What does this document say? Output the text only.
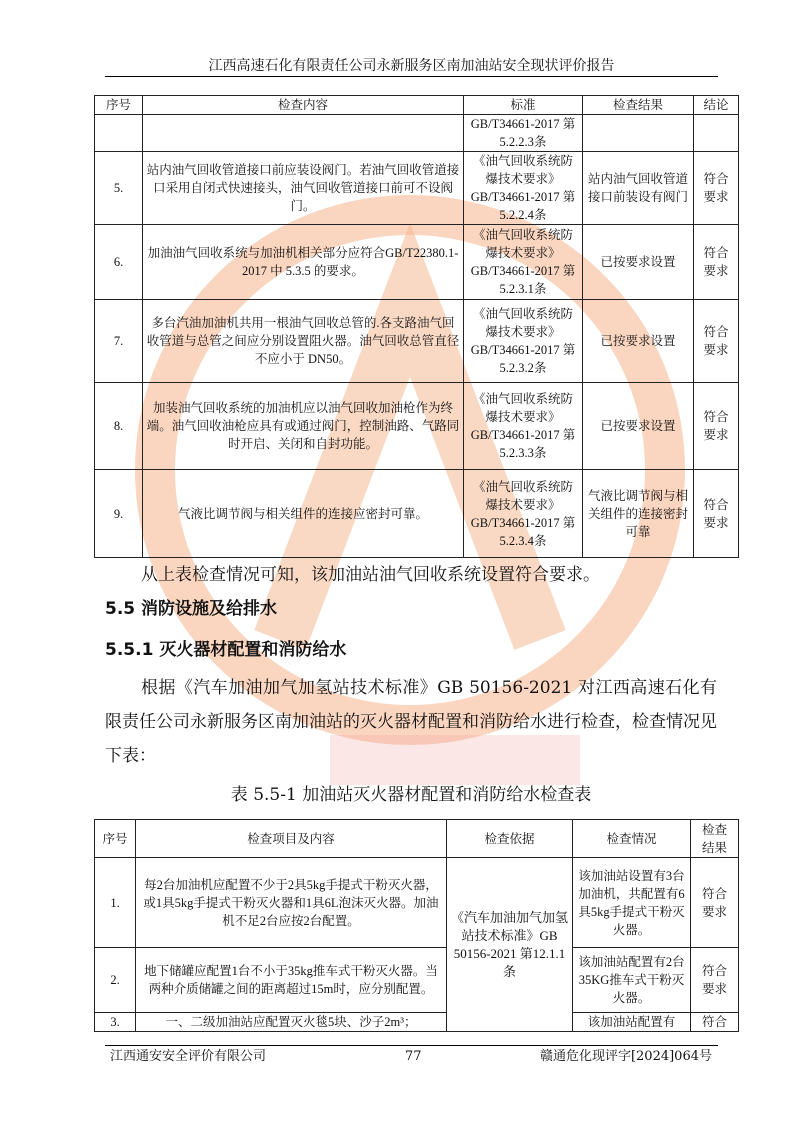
江西高速石化有限责任公司永新服务区南加油站安全现状评价报告
序号	检查内容	标准	检查结果	结论
		GB/T34661-2017 第5.2.2.3条		
5.	站内油气回收管道接口前应装设阀门。若油气回收管道接口采用自闭式快速接头，油气回收管道接口前可不设阀门。	《油气回收系统防爆技术要求》GB/T34661-2017 第5.2.2.4条	站内油气回收管道接口前装设有阀门	符合要求
6.	加油油气回收系统与加油机相关部分应符合GB/T22380.1-2017 中 5.3.5 的要求。	《油气回收系统防爆技术要求》GB/T34661-2017 第5.2.3.1条	已按要求设置	符合要求
7.	多台汽油加油机共用一根油气回收总管的.各支路油气回收管道与总管之间应分别设置阻火器。油气回收总管直径不应小于 DN50。	《油气回收系统防爆技术要求》GB/T34661-2017 第5.2.3.2条	已按要求设置	符合要求
8.	加装油气回收系统的加油机应以油气回收加油枪作为终端。油气回收油枪应具有或通过阀门，控制油路、气路同时开启、关闭和自封功能。	《油气回收系统防爆技术要求》GB/T34661-2017 第5.2.3.3条	已按要求设置	符合要求
9.	气液比调节阀与相关组件的连接应密封可靠。	《油气回收系统防爆技术要求》GB/T34661-2017 第5.2.3.4条	气液比调节阀与相关组件的连接密封可靠	符合要求
从上表检查情况可知，该加油站油气回收系统设置符合要求。
5.5 消防设施及给排水
5.5.1 灭火器材配置和消防给水
根据《汽车加油加气加氢站技术标准》GB 50156-2021 对江西高速石化有限责任公司永新服务区南加油站的灭火器材配置和消防给水进行检查，检查情况见下表：
表 5.5-1 加油站灭火器材配置和消防给水检查表
序号	检查项目及内容	检查依据	检查情况	检查结果
1.	每2台加油机应配置不少于2具5kg手提式干粉灭火器，或1具5kg手提式干粉灭火器和1具6L泡沫灭火器。加油机不足2台应按2台配置。	《汽车加油加气加氢站技术标准》GB 50156-2021 第12.1.1条	该加油站设置有3台加油机，共配置有6具5kg手提式干粉灭火器。	符合要求
2.	地下储罐应配置1台不小于35kg推车式干粉灭火器。当两种介质储罐之间的距离超过15m时，应分别配置。		该加油站配置有2台35KG推车式干粉灭火器。	符合要求
3.	一、二级加油站应配置灭火毯5块、沙子2m³；		该加油站配置有	符合
江西通安安全评价有限公司	77	赣通危化现评字[2024]064号
